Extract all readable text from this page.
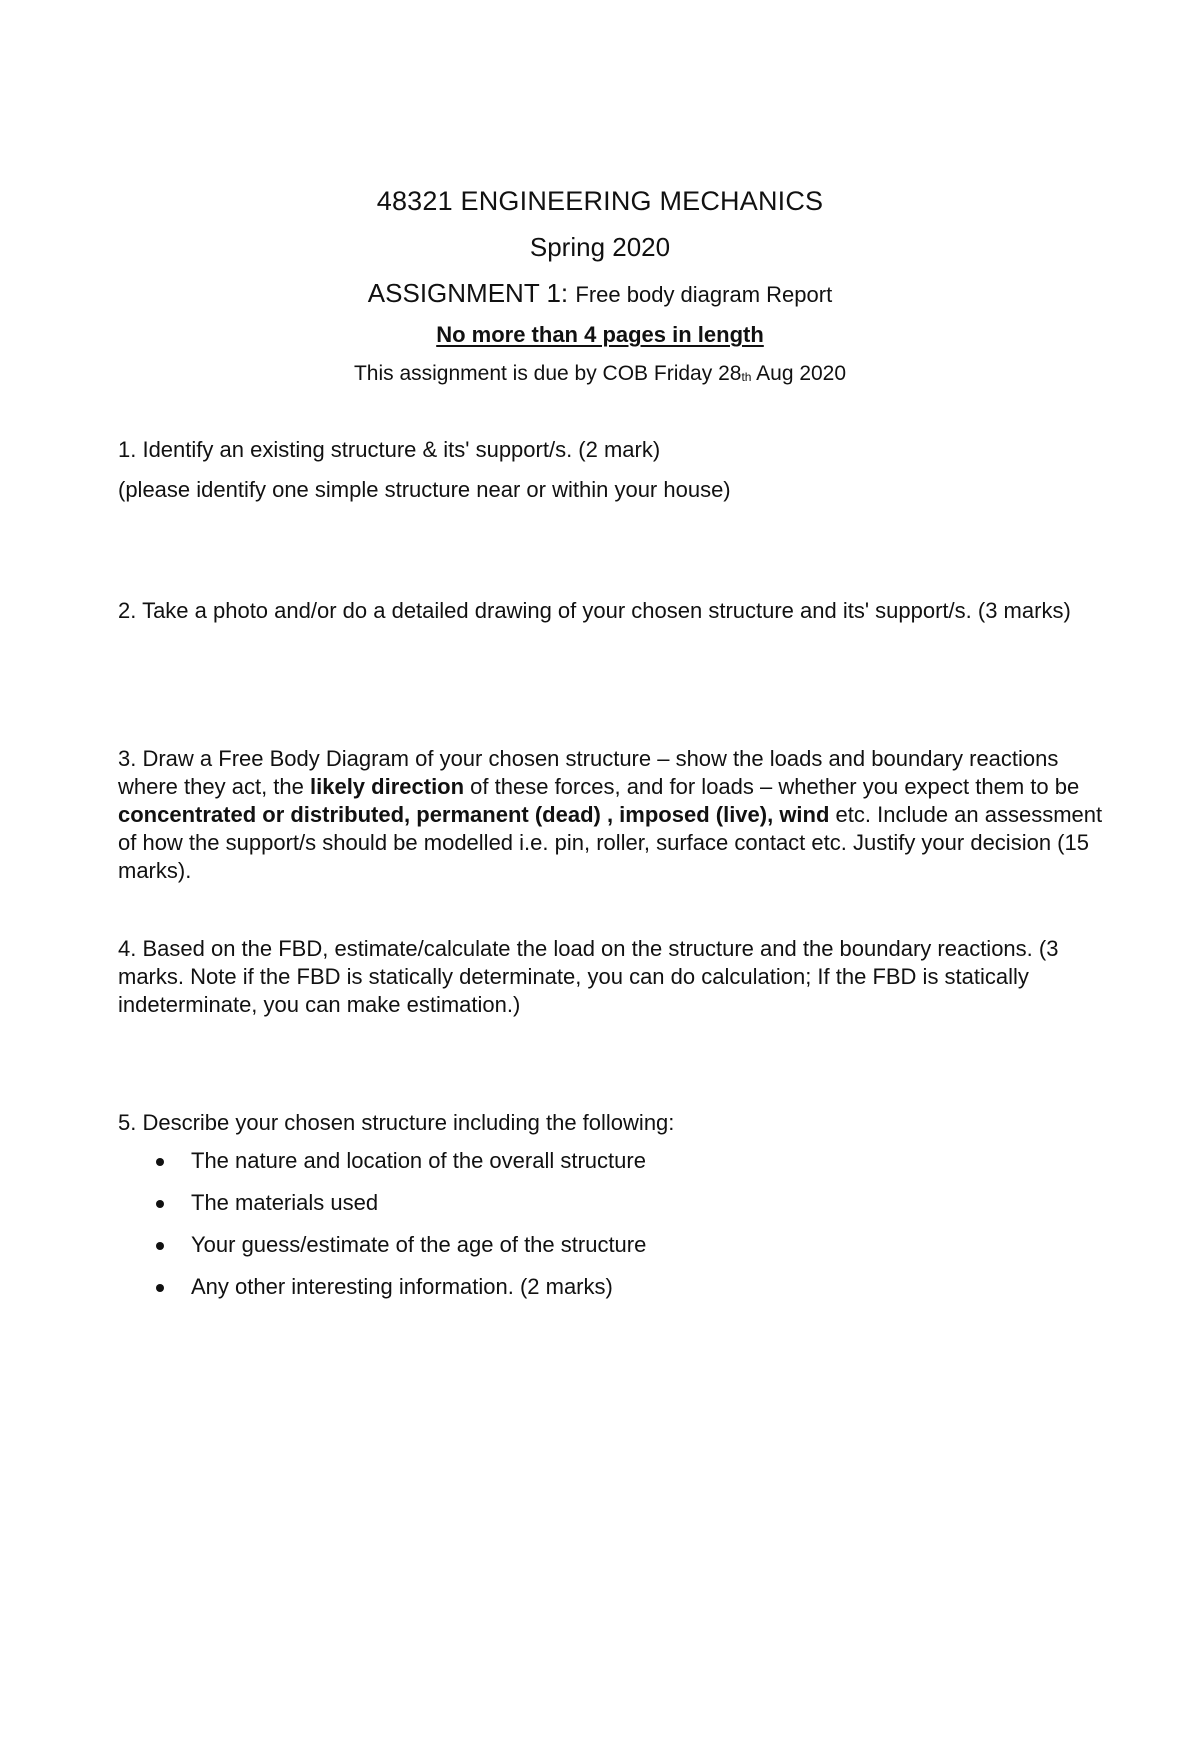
48321 ENGINEERING MECHANICS
Spring 2020
ASSIGNMENT 1: Free body diagram Report
No more than 4 pages in length
This assignment is due by COB Friday $28_{th}$ Aug 2020

1. Identify an existing structure & its' support/s. (2 mark)

(please identify one simple structure near or within your house)

2. Take a photo and/or do a detailed drawing of your chosen structure and its' support/s. (3 marks)

3. Draw a Free Body Diagram of your chosen structure – show the loads and boundary reactions where they act, the likely direction of these forces, and for loads – whether you expect them to be concentrated or distributed, permanent (dead) , imposed (live), wind etc. Include an assessment of how the support/s should be modelled i.e. pin, roller, surface contact etc. Justify your decision (15 marks).

4. Based on the FBD, estimate/calculate the load on the structure and the boundary reactions. (3 marks. Note if the FBD is statically determinate, you can do calculation; If the FBD is statically indeterminate, you can make estimation.)

5. Describe your chosen structure including the following:

The nature and location of the overall structure
The materials used
Your guess/estimate of the age of the structure
Any other interesting information. (2 marks)
